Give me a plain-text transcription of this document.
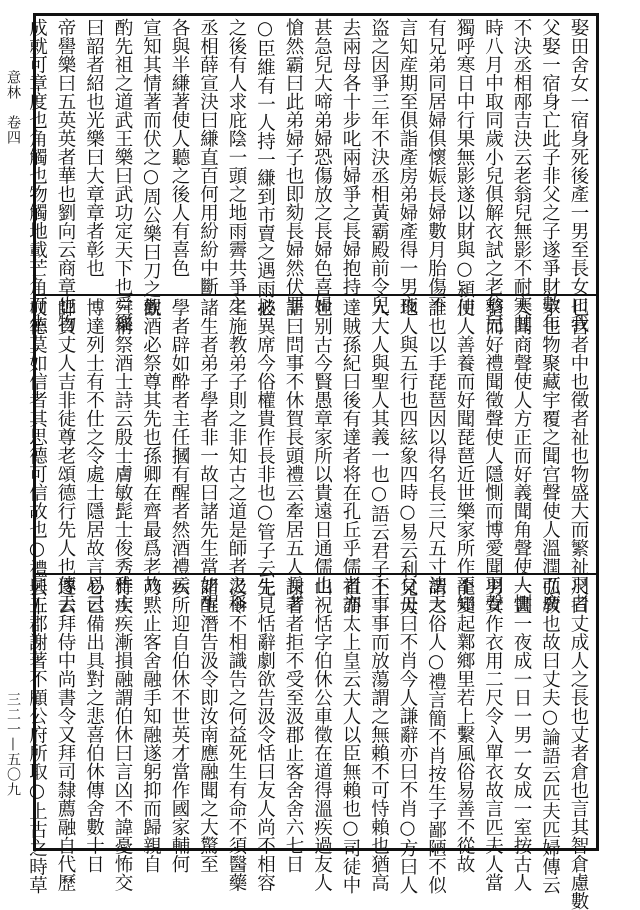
意林　卷四
三二一—五〇九
娶田舍女一宿身死後產一男至長女口我
父娶一宿身亡此子非父之子遂爭財數年
不決丞相邴吉決云老翁兒無影不耐寒其
時八月中取同歲小兒俱解衣試之老翁兒
獨呼寒日中行果無影遂以財與○潁川
有兄弟同居婦俱懷娠長婦數月胎傷不
言知産期至俱詣產房弟婦產得一男夜
盗之因爭三年不決丞相黃霸殿前令兒
去兩母各十步叱兩婦爭之長婦抱持
甚急兒大啼弟婦恐傷放之長婦色喜婦
愴然霸曰此弟婦子也即劾長婦然伏罪
○臣維有一人持一縑到市賣之遇雨披
之後有人求庇陰一頭之地雨霽共爭之
丞相薛宣決曰縑直百何用紛紛中斷
各與半縑著使人聽之後人有喜色
宣知其情著而伏之○周公樂曰刀之觀
酌先祖之道武王樂曰武功定天下也舜樂
曰韶者紹也光樂曰大章章者彰也
帝嚳樂曰五英英者華也劉向云商章也物
成就可章度也角觸也物觸地載芒角而生
也宫者中也徵者祉也物盛大而繁祉羽者
宇也物聚藏宇覆之聞宫聲使人溫潤而廣
大聞商聲使人方正而好義聞角聲使人惻
整而好禮聞徵聲使人隱惻而博愛聞羽聲
使人善養而好聞琵琶近世樂家所作不知
誰也以手琵琶因以得名長三尺五寸法天
地人與五行也四絃象四時○易云利見大
人大人與聖人其義一也○語云君子上
達賊孫紀曰後有達者将在孔丘乎儒者亦
也别古今賢愚章家所以貴遠日通儒也
語曰問事不休賀長頭禮云牽居五人長者
必異席今俗權貴作長非也○管子云先
生施教弟子則之非知古之道是師者之稱
諸生者弟子學者非一故曰諸先生當如醒
學者辟如酔者主任摑有醒者然酒禮云
飲酒必祭尊其先也孫卿在齊最爲老故
三稱祭酒士詩云殷士膚敏髭士俊秀雅士
博達列士有不仕之令處士隱居故言易云
師貞丈人吉非徒尊老頌德行先人也傳云
杖德莫如信者其思德可信故也○禮云十
尺曰丈成人之長也丈者倉也言其智倉慮數
弘敎也故曰丈夫○論語云匹夫匹婦傳云
一晝一夜成一日一男一女成一室按古人
男女作衣用二尺令入單衣故言匹夫人當
龍變起鄴鄉里若上繫風俗易善不從故
謂之俗人○禮言簡不肖按生子鄙陋不似
父母曰不肖今人謙辭亦曰不肖○方曰人
不事事而放蕩謂之無賴不可恃賴也猶高
祖謂太上皇云大人以臣無賴也○司徒中
山祝恬字伯休公車徵在道得溫疾過友人
謝著者拒不受至汲郡止客舍舍六七日
生見恬辭劇欲告汲令恬曰友人尚不相容
汲令不相識告之何益死生有命不須醫藥
諸生潛告汲令即汝南應融聞之大驚至
疾所迎自伯休不世英才當作國家輔何
乃黙止客舍融手知融遂躬抑而歸親自
侍疾疾漸損融謂伯休曰言凶不諱憂怖交
心已備出具對之悲喜伯休傳舍數十日
遂去拜侍中尚書令又拜司隸薦融自代歷
興五郡謝著不顧公府所取○上古之時草
